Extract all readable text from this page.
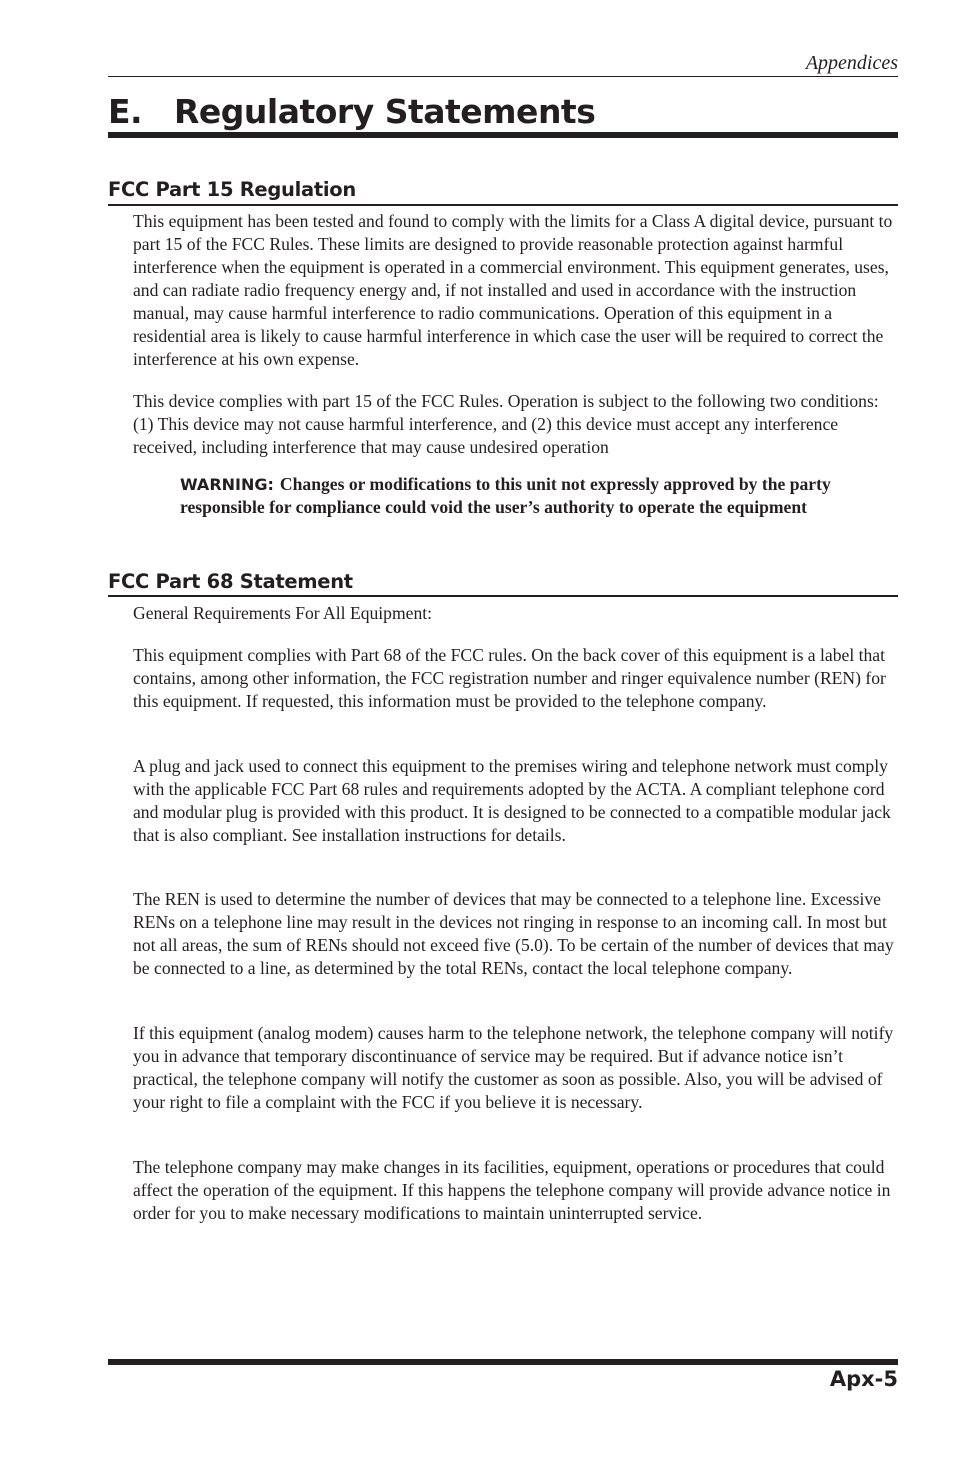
Appendices
E. Regulatory Statements
FCC Part 15 Regulation

This equipment has been tested and found to comply with the limits for a Class A digital device, pursuant to part 15 of the FCC Rules. These limits are designed to provide reasonable protection against harmful interference when the equipment is operated in a commercial environment. This equipment generates, uses, and can radiate radio frequency energy and, if not installed and used in accordance with the instruction manual, may cause harmful interference to radio communications. Operation of this equipment in a residential area is likely to cause harmful interference in which case the user will be required to correct the interference at his own expense.

This device complies with part 15 of the FCC Rules. Operation is subject to the following two conditions: (1) This device may not cause harmful interference, and (2) this device must accept any interference received, including interference that may cause undesired operation

WARNING: Changes or modifications to this unit not expressly approved by the party responsible for compliance could void the user’s authority to operate the equipment

FCC Part 68 Statement

General Requirements For All Equipment:

This equipment complies with Part 68 of the FCC rules. On the back cover of this equipment is a label that contains, among other information, the FCC registration number and ringer equivalence number (REN) for this equipment. If requested, this information must be provided to the telephone company.

A plug and jack used to connect this equipment to the premises wiring and telephone network must comply with the applicable FCC Part 68 rules and requirements adopted by the ACTA. A compliant telephone cord and modular plug is provided with this product. It is designed to be connected to a compatible modular jack that is also compliant. See installation instructions for details.

The REN is used to determine the number of devices that may be connected to a telephone line. Excessive RENs on a telephone line may result in the devices not ringing in response to an incoming call. In most but not all areas, the sum of RENs should not exceed five (5.0). To be certain of the number of devices that may be connected to a line, as determined by the total RENs, contact the local telephone company.

If this equipment (analog modem) causes harm to the telephone network, the telephone company will notify you in advance that temporary discontinuance of service may be required. But if advance notice isn’t practical, the telephone company will notify the customer as soon as possible. Also, you will be advised of your right to file a complaint with the FCC if you believe it is necessary.

The telephone company may make changes in its facilities, equipment, operations or procedures that could affect the operation of the equipment. If this happens the telephone company will provide advance notice in order for you to make necessary modifications to maintain uninterrupted service.

Apx-5
